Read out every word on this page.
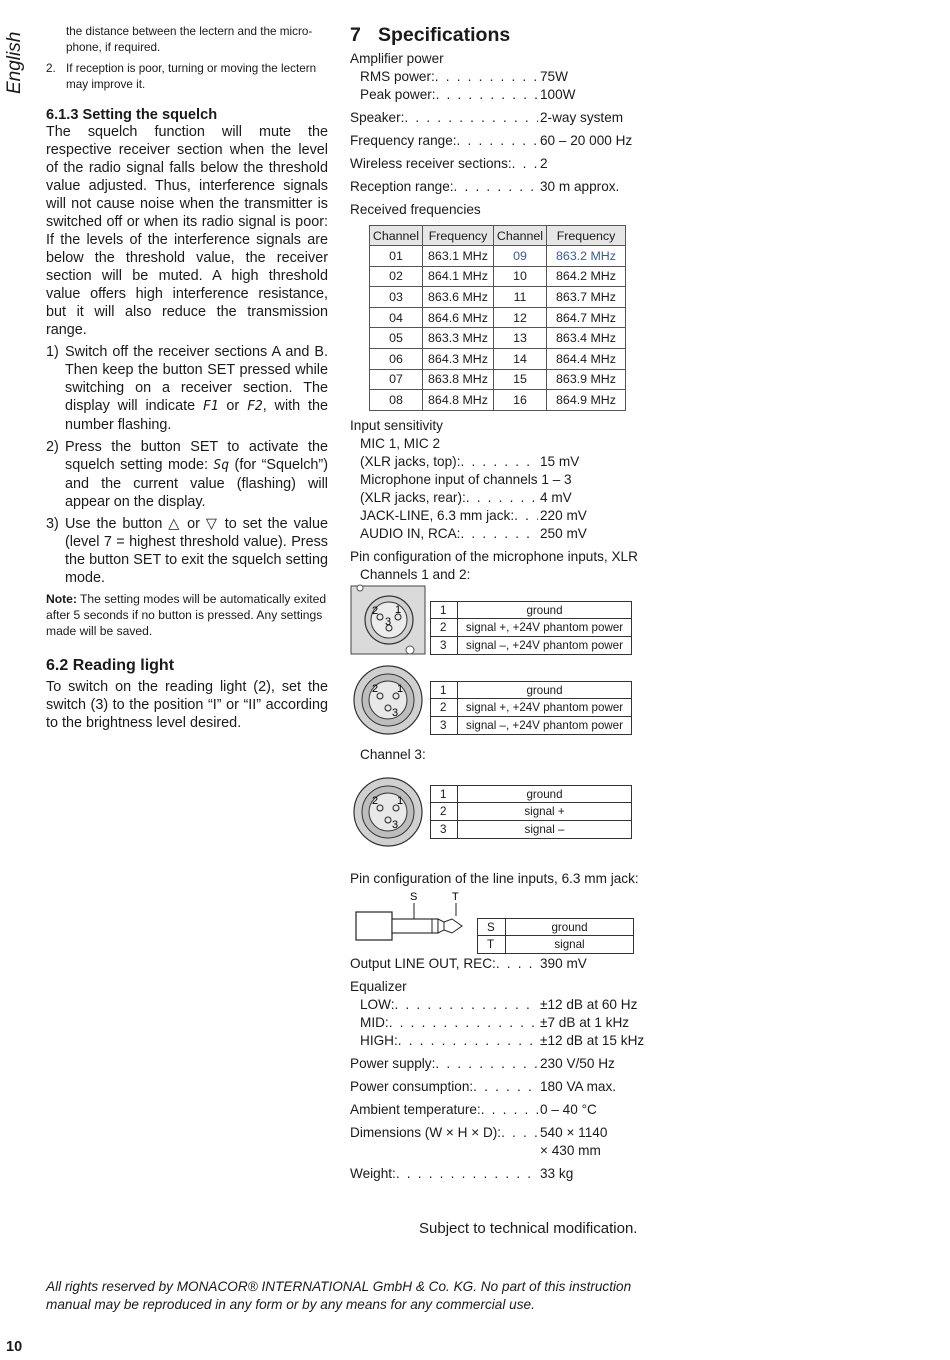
English
the distance between the lectern and the micro-
phone, if required.
2. If reception is poor, turning or moving the lectern may improve it.
6.1.3 Setting the squelch

The squelch function will mute the respective receiver section when the level of the radio signal falls below the threshold value adjusted. Thus, interference signals will not cause noise when the transmitter is switched off or when its radio signal is poor: If the levels of the interference signals are below the threshold value, the receiver section will be muted. A high threshold value offers high interference resistance, but it will also reduce the transmission range.

1) Switch off the receiver sections A and B. Then keep the button SET pressed while switching on a receiver section. The display will indicate F1 or F2, with the number flashing.
2) Press the button SET to activate the squelch setting mode: Sq (for “Squelch”) and the current value (flashing) will appear on the display.
3) Use the button △ or ▽ to set the value (level 7 = highest threshold value). Press the button SET to exit the squelch setting mode.

Note: The setting modes will be automatically exited after 5 seconds if no button is pressed. Any settings made will be saved.

6.2 Reading light

To switch on the reading light (2), set the switch (3) to the position “I” or “II” according to the brightness level desired.

7 Specifications
Amplifier power
RMS power: . . .	75W
Peak power: . . .	100W
Speaker: . . .	2-way system
Frequency range: . . .	60 – 20 000 Hz
Wireless receiver sections: . . . 2
Reception range: . . .	30 m approx.
Received frequencies
Channel	Frequency	Channel	Frequency
01	863.1 MHz	09	863.2 MHz
02	864.1 MHz	10	864.2 MHz
03	863.6 MHz	11	863.7 MHz
04	864.6 MHz	12	864.7 MHz
05	863.3 MHz	13	863.4 MHz
06	864.3 MHz	14	864.4 MHz
07	863.8 MHz	15	863.9 MHz
08	864.8 MHz	16	864.9 MHz
Input sensitivity
MIC 1, MIC 2
(XLR jacks, top): . . .	15 mV
Microphone input of channels 1 – 3
(XLR jacks, rear): . . .	4 mV
JACK-LINE, 6.3 mm jack: . . . 220 mV
AUDIO IN, RCA: . . .	250 mV
Pin configuration of the microphone inputs, XLR
Channels 1 and 2:
2 1
3
1	ground
2	signal +, +24V phantom power
3	signal –, +24V phantom power
2 1
3
1	ground
2	signal +, +24V phantom power
3	signal –, +24V phantom power
Channel 3:
2 1
3
1	ground
2	signal +
3	signal –
Pin configuration of the line inputs, 6.3 mm jack:
S	T
S	ground
T	signal
Output LINE OUT, REC: . . .	390 mV
Equalizer
LOW: . . .	±12 dB at 60 Hz
MID: . . .	±7 dB at 1 kHz
HIGH: . . .	±12 dB at 15 kHz
Power supply: . . .	230 V/50 Hz
Power consumption: . . .	180 VA max.
Ambient temperature: . . .	0 – 40 °C
Dimensions (W × H × D): . . .	540 × 1140
× 430 mm
Weight: . . .	33 kg
Subject to technical modification.
All rights reserved by MONACOR® INTERNATIONAL GmbH & Co. KG. No part of this instruction manual may be reproduced in any form or by any means for any commercial use.
10
